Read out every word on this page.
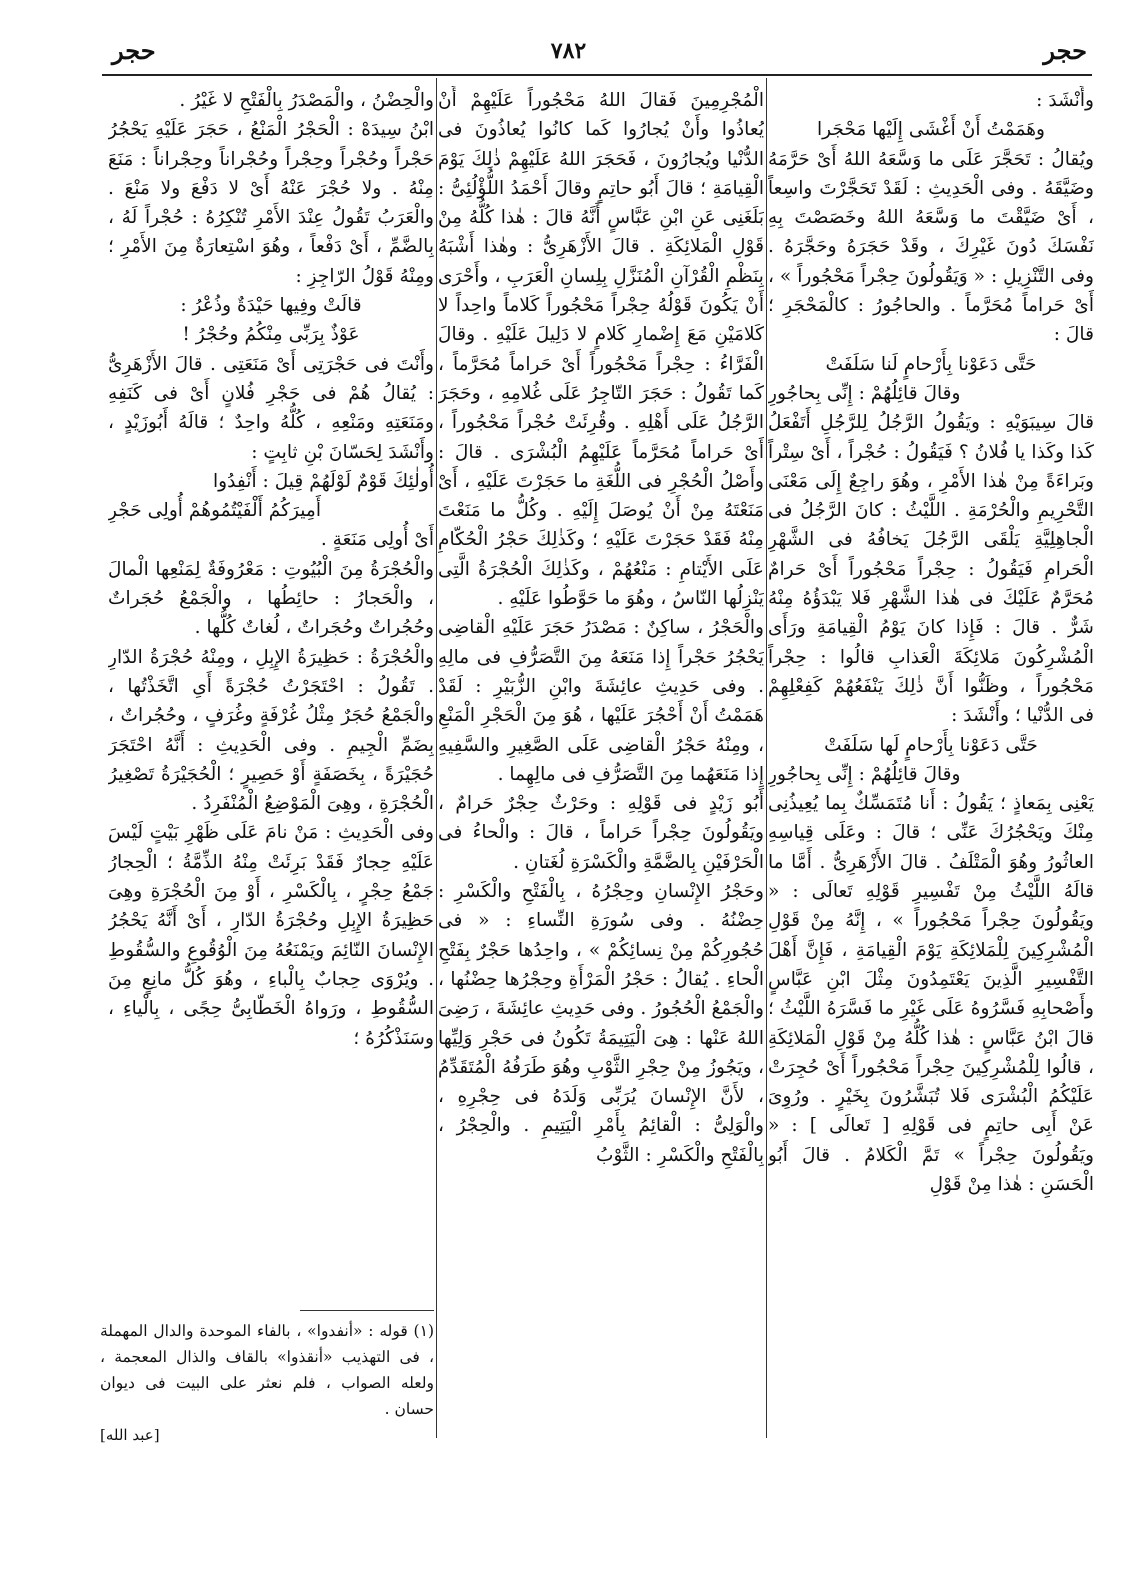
حجر	٧٨٢	حجر

وأَنْشَدَ :

وهَمَمْتُ أَنْ أَغْشَى إِلَيْها مَحْجَرا

ويُقالُ : تَحَجَّرَ عَلَى ما وَسَّعَهُ اللهُ أَىْ حَرَّمَهُ وضَيَّقَهُ . وفى الْحَدِيثِ : لَقَدْ تَحَجَّرْتَ واسِعاً ، أَىْ ضَيَّقْتَ ما وَسَّعَهُ اللهُ وخَصَصْتَ بِهِ نَفْسَكَ دُونَ غَيْرِكَ ، وقَدْ حَجَرَهُ وحَجَّرَهُ . وفى التَّنْزِيلِ : « وَيَقُولُونَ حِجْراً مَحْجُوراً » ، أَىْ حَراماً مُحَرَّماً . والحاجُورُ : كالْمَحْجَرِ ؛ قالَ :

حَتَّى دَعَوْنا بِأَرْحامٍ لَنا سَلَفَتْ

وقالَ قائِلُهُمْ : إِنِّى بِحاجُورِ

قالَ سِيبَوَيْهِ : ويَقُولُ الرَّجُلُ لِلرَّجُلِ أَتَفْعَلُ كَذا وكَذا يا فُلانُ ؟ فَيَقُولُ : حُجْراً ، أَىْ سِتْراً وبَراءَةً مِنْ هٰذا الأَمْرِ ، وهُوَ راجِعٌ إِلَى مَعْنَى التَّحْرِيمِ والْحُرْمَةِ . اللَّيْثُ : كانَ الرَّجُلُ فى الْجاهِلِيَّةِ يَلْقَى الرَّجُلَ يَخافُهُ فى الشَّهْرِ الْحَرامِ فَيَقُولُ : حِجْراً مَحْجُوراً أَىْ حَرامٌ مُحَرَّمٌ عَلَيْكَ فى هٰذا الشَّهْرِ فَلا يَبْدَؤُهُ مِنْهُ شَرٌّ . قالَ : فَإِذا كانَ يَوْمُ الْقِيامَةِ ورَأَى الْمُشْرِكُونَ مَلائِكَةَ الْعَذابِ قالُوا : حِجْراً مَحْجُوراً ، وظَنُّوا أَنَّ ذٰلِكَ يَنْفَعُهُمْ كَفِعْلِهِمْ فى الدُّنْيا ؛ وأَنْشَدَ :

حَتَّى دَعَوْنا بِأَرْحامٍ لَها سَلَفَتْ

وقالَ قائِلُهُمْ : إِنِّى بِحاجُورِ

يَعْنِى بِمَعاذٍ ؛ يَقُولُ : أَنا مُتَمَسِّكٌ بِما يُعِيذُنِى مِنْكَ ويَحْجُرُكَ عَنِّى ؛ قالَ : وعَلَى قِياسِهِ العاثُورُ وهُوَ الْمَتْلَفُ . قالَ الأَزْهَرِىُّ . أَمَّا ما قالَهُ اللَّيْثُ مِنْ تَفْسِيرِ قَوْلِهِ تَعالَى : « ويَقُولُونَ حِجْراً مَحْجُوراً » ، إِنَّهُ مِنْ قَوْلِ الْمُشْرِكِينَ لِلْمَلائِكَةِ يَوْمَ الْقِيامَةِ ، فَإِنَّ أَهْلَ التَّفْسِيرِ الَّذِينَ يَعْتَمِدُونَ مِثْلَ ابْنِ عَبَّاسٍ وأَصْحابِهِ فَسَّرُوهُ عَلَى غَيْرِ ما فَسَّرَهُ اللَّيْثُ ؛ قالَ ابْنُ عَبَّاسٍ : هٰذا كُلُّهُ مِنْ قَوْلِ الْمَلائِكَةِ ، قالُوا لِلْمُشْرِكِينَ حِجْراً مَحْجُوراً أَىْ حُجِرَتْ عَلَيْكُمُ الْبُشْرَى فَلا تُبَشَّرُونَ بِخَيْرٍ . ورُوِىَ عَنْ أَبِى حاتِمٍ فى قَوْلِهِ [ تَعالَى ] : « ويَقُولُونَ حِجْراً » تَمَّ الْكَلامُ . قالَ أَبُو الْحَسَنِ : هٰذا مِنْ قَوْلِ

الْمُجْرِمِينَ فَقالَ اللهُ مَحْجُوراً عَلَيْهِمْ أَنْ يُعاذُوا وأَنْ يُجارُوا كَما كانُوا يُعاذُونَ فى الدُّنْيا ويُجارُونَ ، فَحَجَرَ اللهُ عَلَيْهِمْ ذٰلِكَ يَوْمَ الْقِيامَةِ ؛ قالَ أَبُو حاتِمٍ وقالَ أَحْمَدُ اللُّؤْلُئِىُّ : بَلَغَنِى عَنِ ابْنِ عَبَّاسٍ أَنَّهُ قالَ : هٰذا كُلُّهُ مِنْ قَوْلِ الْمَلائِكَةِ . قالَ الأَزْهَرِىُّ : وهٰذا أَشْبَهُ بِنَظْمِ الْقُرْآنِ الْمُنَزَّلِ بِلِسانِ الْعَرَبِ ، وأَحْرَى أَنْ يَكُونَ قَوْلُهُ حِجْراً مَحْجُوراً كَلاماً واحِداً لا كَلامَيْنِ مَعَ إِضْمارِ كَلامٍ لا دَلِيلَ عَلَيْهِ . وقالَ الْفَرَّاءُ : حِجْراً مَحْجُوراً أَىْ حَراماً مُحَرَّماً ، كَما تَقُولُ : حَجَرَ التّاجِرُ عَلَى غُلامِهِ ، وحَجَرَ الرَّجُلُ عَلَى أَهْلِهِ . وقُرِئَتْ حُجْراً مَحْجُوراً ، أَىْ حَراماً مُحَرَّماً عَلَيْهِمُ الْبُشْرَى . قالَ : وأَصْلُ الْحُجْرِ فى اللُّغَةِ ما حَجَرْتَ عَلَيْهِ ، أَىْ مَنَعْتَهُ مِنْ أَنْ يُوصَلَ إِلَيْهِ . وكُلُّ ما مَنَعْتَ مِنْهُ فَقَدْ حَجَرْتَ عَلَيْهِ ؛ وكَذٰلِكَ حَجْرُ الْحُكّامِ عَلَى الأَيْتامِ : مَنْعُهُمْ ، وكَذٰلِكَ الْحُجْرَةُ الَّتِى يَنْزِلُها النّاسُ ، وهُوَ ما حَوَّطُوا عَلَيْهِ .

والْحَجْرُ ، ساكِنٌ : مَصْدَرُ حَجَرَ عَلَيْهِ الْقاضِى يَحْجُرُ حَجْراً إِذا مَنَعَهُ مِنَ التَّصَرُّفِ فى مالِهِ . وفى حَدِيثِ عائِشَةَ وابْنِ الزُّبَيْرِ : لَقَدْ هَمَمْتُ أَنْ أَحْجُرَ عَلَيْها ، هُوَ مِنَ الْحَجْرِ الْمَنْعِ ، ومِنْهُ حَجْرُ الْقاضِى عَلَى الصَّغِيرِ والسَّفِيهِ إِذا مَنَعَهُما مِنَ التَّصَرُّفِ فى مالِهِما .

أَبُو زَيْدٍ فى قَوْلِهِ : وحَرْثٌ حِجْرٌ حَرامٌ ، ويَقُولُونَ حِجْراً حَراماً ، قالَ : والْحاءُ فى الْحَرْفَيْنِ بِالضَّمَّةِ والْكَسْرَةِ لُغَتانِ .

وحَجْرُ الإِنْسانِ وحِجْرُهُ ، بِالْفَتْحِ والْكَسْرِ : حِضْنُهُ . وفى سُورَةِ النِّساءِ : « فى حُجُورِكُمْ مِنْ نِسائِكُمْ » ، واحِدُها حَجْرٌ بِفَتْحِ الْحاءِ . يُقالُ : حَجْرُ الْمَرْأَةِ وحِجْرُها حِضْنُها ، والْجَمْعُ الْحُجُورُ . وفى حَدِيثِ عائِشَةَ ، رَضِىَ اللهُ عَنْها : هِىَ الْيَتِيمَةُ تَكُونُ فى حَجْرِ وَلِيِّها ، ويَجُوزُ مِنْ حِجْرِ الثَّوْبِ وهُوَ طَرَفُهُ الْمُتَقَدِّمُ ، لأَنَّ الإِنْسانَ يُرَبِّى وَلَدَهُ فى حِجْرِهِ ، والْوَلِىُّ : الْقائِمُ بِأَمْرِ الْيَتِيمِ . والْحِجْرُ ، بِالْفَتْحِ والْكَسْرِ : الثَّوْبُ

والْحِضْنُ ، والْمَصْدَرُ بِالْفَتْحِ لا غَيْرُ .

ابْنُ سِيدَهْ : الْحَجْرُ الْمَنْعُ ، حَجَرَ عَلَيْهِ يَحْجُرُ حَجْراً وحُجْراً وحِجْراً وحُجْراناً وحِجْراناً : مَنَعَ مِنْهُ . ولا حُجْرَ عَنْهُ أَىْ لا دَفْعَ ولا مَنْعَ . والْعَرَبُ تَقُولُ عِنْدَ الأَمْرِ تُنْكِرُهُ : حُجْراً لَهُ ، بِالضَّمِّ ، أَىْ دَفْعاً ، وهُوَ اسْتِعارَةٌ مِنَ الأَمْرِ ؛ ومِنْهُ قَوْلُ الرّاجِزِ :

قالَتْ وفِيها حَيْدَةٌ وذُعْرُ :

عَوْذٌ بِرَبِّى مِنْكُمُ وحُجْرُ !

وأَنْتَ فى حَجْرَتِى أَىْ مَنَعَتِى . قالَ الأَزْهَرِىُّ : يُقالُ هُمْ فى حَجْرِ فُلانٍ أَىْ فى كَنَفِهِ ومَنَعَتِهِ ومَنْعِهِ ، كُلُّهُ واحِدٌ ؛ قالَهُ أَبُوزَيْدٍ ، وأَنْشَدَ لِحَسّانَ بْنِ ثابِتٍ :

أُولٰئِكَ قَوْمٌ لَوْلَهُمْ قِيلَ : أَنْفِدُوا

أَمِيرَكُمُ أَلْفَيْتُمُوهُمْ أُولِى حَجْرِ

أَىْ أُولِى مَنَعَةٍ .

والْحُجْرَةُ مِنَ الْبُيُوتِ : مَعْرُوفَةٌ لِمَنْعِها الْمالَ ، والْحَجارُ : حائِطُها ، والْجَمْعُ حُجَراتٌ وحُجُراتٌ وحُجَراتٌ ، لُغاتٌ كُلُّها .

والْحُجْرَةُ : حَظِيرَةُ الإِبِلِ ، ومِنْهُ حُجْرَةُ الدّارِ . تَقُولُ : احْتَجَرْتُ حُجْرَةً أَىِ اتَّخَذْتُها ، والْجَمْعُ حُجَرٌ مِثْلُ غُرْفَةٍ وغُرَفٍ ، وحُجُراتٌ ، بِضَمِّ الْجِيمِ . وفى الْحَدِيثِ : أَنَّهُ احْتَجَرَ حُجَيْرَةً ، بِخَصَفَةٍ أَوْ حَصِيرٍ ؛ الْحُجَيْرَةُ تَصْغِيرُ الْحُجْرَةِ ، وهِىَ الْمَوْضِعُ الْمُنْفَرِدُ .

وفى الْحَدِيثِ : مَنْ نامَ عَلَى ظَهْرِ بَيْتٍ لَيْسَ عَلَيْهِ حِجارٌ فَقَدْ بَرِئَتْ مِنْهُ الذِّمَّةُ ؛ الْحِجارُ جَمْعُ حِجْرٍ ، بِالْكَسْرِ ، أَوْ مِنَ الْحُجْرَةِ وهِىَ حَظِيرَةُ الإِبِلِ وحُجْرَةُ الدّارِ ، أَىْ أَنَّهُ يَحْجُرُ الإِنْسانَ النّائِمَ ويَمْنَعُهُ مِنَ الْوُقُوعِ والسُّقُوطِ . ويُرْوَى حِجابٌ بِالْباءِ ، وهُوَ كُلُّ مانِعٍ مِنَ السُّقُوطِ ، ورَواهُ الْخَطّابِىُّ حِجًى ، بِالْياءِ ، وسَنَذْكُرُهُ ؛

(١) قوله : «أنفدوا» ، بالفاء الموحدة والدال المهملة ، فى التهذيب «أنقذوا» بالقاف والذال المعجمة ، ولعله الصواب ، فلم نعثر على البيت فى ديوان حسان .

[عبد الله]
